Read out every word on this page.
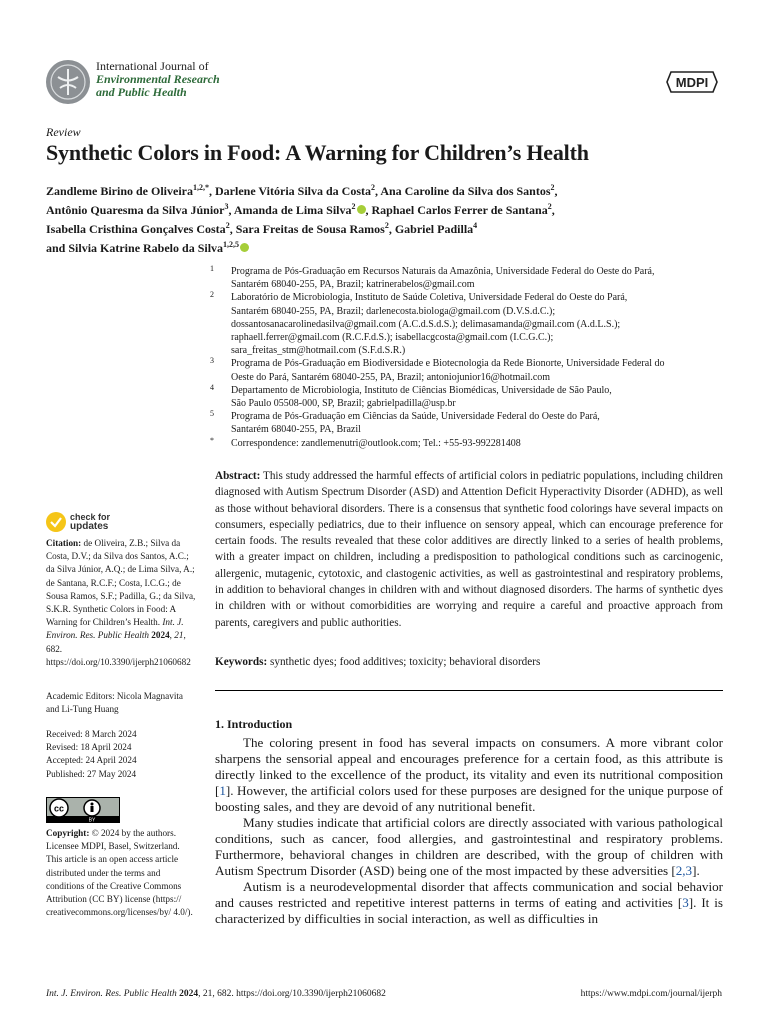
International Journal of
Environmental Research
and Public Health
MDPI
Review
Synthetic Colors in Food: A Warning for Children’s Health
Zandleme Birino de Oliveira$^{1,2,*}$, Darlene Vitória Silva da Costa$^2$, Ana Caroline da Silva dos Santos$^2$,
Antônio Quaresma da Silva Júnior$^3$, Amanda de Lima Silva$^2$ , Raphael Carlos Ferrer de Santana$^2$,
Isabella Cristhina Gonçalves Costa$^2$, Sara Freitas de Sousa Ramos$^2$, Gabriel Padilla$^4$
and Silvia Katrine Rabelo da Silva$^{1,2,5}$
1 Programa de Pós-Graduação em Recursos Naturais da Amazônia, Universidade Federal do Oeste do Pará,
Santarém 68040-255, PA, Brazil; katrinerabelos@gmail.com
2 Laboratório de Microbiologia, Instituto de Saúde Coletiva, Universidade Federal do Oeste do Pará,
Santarém 68040-255, PA, Brazil; darlenecosta.biologa@gmail.com (D.V.S.d.C.);
dossantosanacarolinedasilva@gmail.com (A.C.d.S.d.S.); delimasamanda@gmail.com (A.d.L.S.);
raphaell.ferrer@gmail.com (R.C.F.d.S.); isabellacgcosta@gmail.com (I.C.G.C.);
sara_freitas_stm@hotmail.com (S.F.d.S.R.)
3 Programa de Pós-Graduação em Biodiversidade e Biotecnologia da Rede Bionorte, Universidade Federal do
Oeste do Pará, Santarém 68040-255, PA, Brazil; antoniojunior16@hotmail.com
4 Departamento de Microbiologia, Instituto de Ciências Biomédicas, Universidade de São Paulo,
São Paulo 05508-000, SP, Brazil; gabrielpadilla@usp.br
5 Programa de Pós-Graduação em Ciências da Saúde, Universidade Federal do Oeste do Pará,
Santarém 68040-255, PA, Brazil
* Correspondence: zandlemenutri@outlook.com; Tel.: +55-93-992281408
check for
updates
Citation: de Oliveira, Z.B.; Silva da Costa, D.V.; da Silva dos Santos, A.C.; da Silva Júnior, A.Q.; de Lima Silva, A.; de Santana, R.C.F.; Costa, I.C.G.; de Sousa Ramos, S.F.; Padilla, G.; da Silva, S.K.R. Synthetic Colors in Food: A Warning for Children’s Health. Int. J. Environ. Res. Public Health 2024, 21, 682. https://doi.org/10.3390/ijerph21060682
Academic Editors: Nicola Magnavita and Li-Tung Huang
Received: 8 March 2024
Revised: 18 April 2024
Accepted: 24 April 2024
Published: 27 May 2024
cc
BY
Copyright: © 2024 by the authors. Licensee MDPI, Basel, Switzerland. This article is an open access article distributed under the terms and conditions of the Creative Commons Attribution (CC BY) license (https:// creativecommons.org/licenses/by/ 4.0/).
Abstract: This study addressed the harmful effects of artificial colors in pediatric populations, including children diagnosed with Autism Spectrum Disorder (ASD) and Attention Deficit Hyperactivity Disorder (ADHD), as well as those without behavioral disorders. There is a consensus that synthetic food colorings have several impacts on consumers, especially pediatrics, due to their influence on sensory appeal, which can encourage preference for certain foods. The results revealed that these color additives are directly linked to a series of health problems, with a greater impact on children, including a predisposition to pathological conditions such as carcinogenic, allergenic, mutagenic, cytotoxic, and clastogenic activities, as well as gastrointestinal and respiratory problems, in addition to behavioral changes in children with and without diagnosed disorders. The harms of synthetic dyes in children with or without comorbidities are worrying and require a careful and proactive approach from parents, caregivers and public authorities.
Keywords: synthetic dyes; food additives; toxicity; behavioral disorders
1. Introduction

The coloring present in food has several impacts on consumers. A more vibrant color sharpens the sensorial appeal and encourages preference for a certain food, as this attribute is directly linked to the excellence of the product, its vitality and even its nutritional composition [1]. However, the artificial colors used for these purposes are designed for the unique purpose of boosting sales, and they are devoid of any nutritional benefit.

Many studies indicate that artificial colors are directly associated with various pathological conditions, such as cancer, food allergies, and gastrointestinal and respiratory problems. Furthermore, behavioral changes in children are described, with the group of children with Autism Spectrum Disorder (ASD) being one of the most impacted by these adversities [2,3].

Autism is a neurodevelopmental disorder that affects communication and social behavior and causes restricted and repetitive interest patterns in terms of eating and activities [3]. It is characterized by difficulties in social interaction, as well as difficulties in

Int. J. Environ. Res. Public Health 2024, 21, 682. https://doi.org/10.3390/ijerph21060682	https://www.mdpi.com/journal/ijerph
